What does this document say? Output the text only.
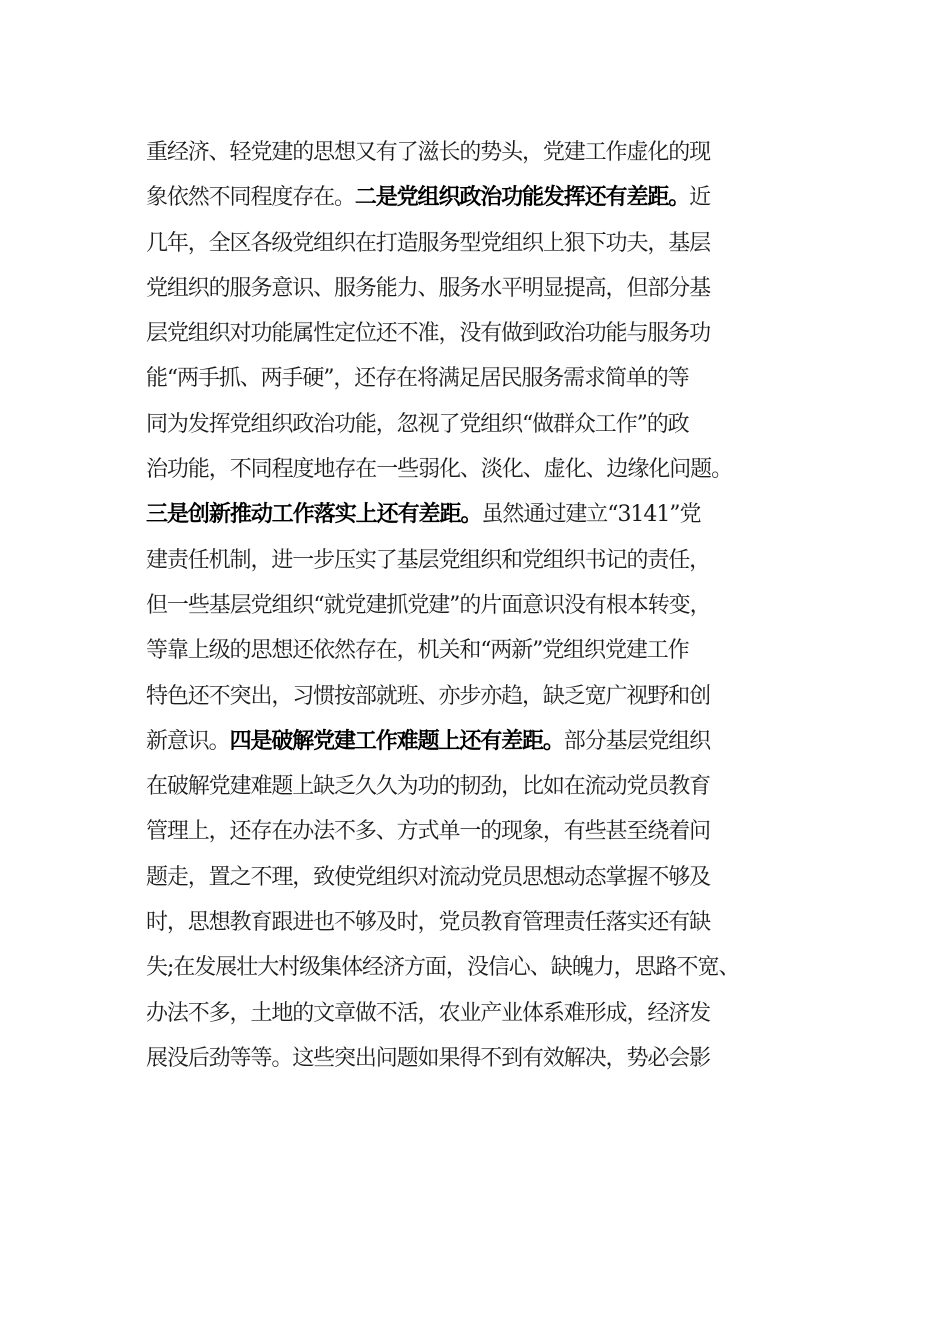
重经济、轻党建的思想又有了滋长的势头，党建工作虚化的现
象依然不同程度存在。二是党组织政治功能发挥还有差距。近
几年，全区各级党组织在打造服务型党组织上狠下功夫，基层
党组织的服务意识、服务能力、服务水平明显提高，但部分基
层党组织对功能属性定位还不准，没有做到政治功能与服务功
能“两手抓、两手硬”，还存在将满足居民服务需求简单的等
同为发挥党组织政治功能，忽视了党组织“做群众工作”的政
治功能，不同程度地存在一些弱化、淡化、虚化、边缘化问题。
三是创新推动工作落实上还有差距。虽然通过建立“3141”党
建责任机制，进一步压实了基层党组织和党组织书记的责任，
但一些基层党组织“就党建抓党建”的片面意识没有根本转变，
等靠上级的思想还依然存在，机关和“两新”党组织党建工作
特色还不突出，习惯按部就班、亦步亦趋，缺乏宽广视野和创
新意识。四是破解党建工作难题上还有差距。部分基层党组织
在破解党建难题上缺乏久久为功的韧劲，比如在流动党员教育
管理上，还存在办法不多、方式单一的现象，有些甚至绕着问
题走，置之不理，致使党组织对流动党员思想动态掌握不够及
时，思想教育跟进也不够及时，党员教育管理责任落实还有缺
失;在发展壮大村级集体经济方面，没信心、缺魄力，思路不宽、
办法不多，土地的文章做不活，农业产业体系难形成，经济发
展没后劲等等。这些突出问题如果得不到有效解决，势必会影
